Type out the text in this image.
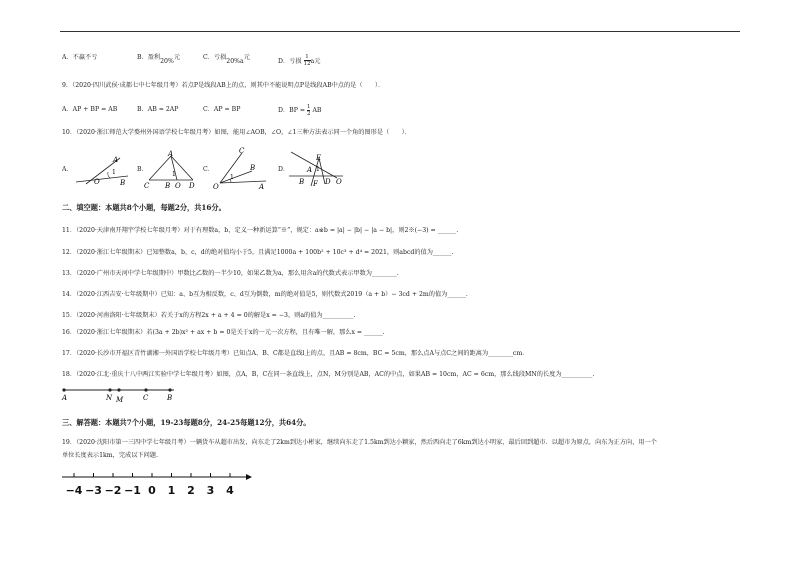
A．不赢不亏	B．盈利20%元	C．亏损20%a元
D．亏损 $\frac{1}{12}$ a元
9．（2020·四川武侯·成都七中七年级月考）若点P是线段AB上的点，则其中不能说明点P是线段AB中点的是（　　）．
A．AP + BP = AB	B．AB = 2AP	C．AP = BP	D．BP = $\frac{1}{2}$ AB
10．（2020·浙江师范大学婺州外国语学校七年级月考）如图，能用∠AOB，∠O，∠1三种方法表示同一个角的图形是（　　）．
A．
A
O
1
B
B．
A
C B O D
1
C．
C
B
O
1
A
D．
E
A 1
B F D O
二、填空题：本题共8个小题，每题2分，共16分。
11．（2020·天津南开翔宇学校七年级月考）对于有理数a，b，定义一种新运算“※”，规定：a※b = |a| − |b| − |a − b|，则2※(−3) = ______.
12．（2020·浙江七年级期末）已知整数a，b，c，d的绝对值均小于5，且满足1000a + 100b² + 10c³ + d⁴ = 2021，则abcd的值为______.
13．（2020·广州市天河中学七年级期中）甲数比乙数的一半少10，如果乙数为a，那么用含a的代数式表示甲数为________.
14．（2020·江西吉安·七年级期中）已知：a、b互为相反数，c、d互为倒数，m的绝对值是5，则代数式2019（a + b）− 3cd + 2m的值为______.
15．（2020·河南洛阳·七年级期末）若关于x的方程2x + a + 4 = 0的解是x = −3，则a的值为__________.
16．（2020·浙江七年级期末）若(3a + 2b)x² + ax + b = 0是关于x的一元一次方程，且有唯一解，那么x = ______.
17．（2020·长沙市开福区青竹湖湘一外国语学校七年级月考）已知点A、B、C都是直线l上的点，且AB = 8cm，BC = 5cm，那么点A与点C之间的距离为________cm．
18．（2020·江北·重庆十八中两江实验中学七年级月考）如图，点A，B，C在同一条直线上，点N，M分别是AB，AC的中点，如果AB = 10cm，AC = 6cm，那么线段MN的长度为__________.
A	N M	C	B
三、解答题：本题共7个小题，19-23每题8分，24-25每题12分，共64分。
19．（2020·沈阳市第一三四中学七年级月考）一辆货车从超市出发，向东走了2km到达小彬家，继续向东走了1.5km到达小颖家，然后西向走了6km到达小明家，最后回到超市．以超市为原点，向东为正方向，用一个
单位长度表示1km，完成以下问题.
−4 −3 −2 −1 0 1 2 3 4
